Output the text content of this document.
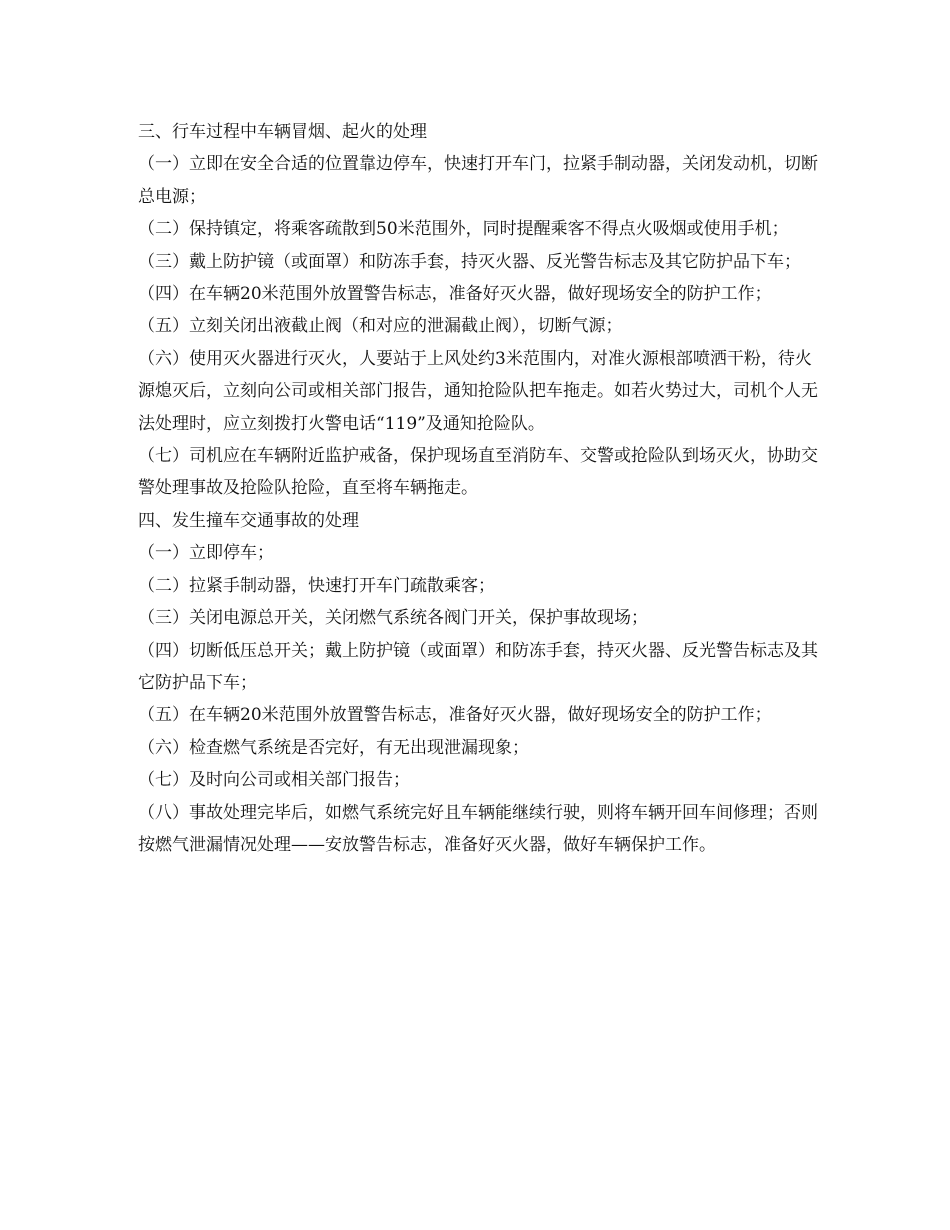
三、行车过程中车辆冒烟、起火的处理

（一）立即在安全合适的位置靠边停车，快速打开车门，拉紧手制动器，关闭发动机，切断总电源；

（二）保持镇定，将乘客疏散到50米范围外，同时提醒乘客不得点火吸烟或使用手机；

（三）戴上防护镜（或面罩）和防冻手套，持灭火器、反光警告标志及其它防护品下车；

（四）在车辆20米范围外放置警告标志，准备好灭火器，做好现场安全的防护工作；

（五）立刻关闭出液截止阀（和对应的泄漏截止阀），切断气源；

（六）使用灭火器进行灭火，人要站于上风处约3米范围内，对准火源根部喷洒干粉，待火源熄灭后，立刻向公司或相关部门报告，通知抢险队把车拖走。如若火势过大，司机个人无法处理时，应立刻拨打火警电话“119”及通知抢险队。

（七）司机应在车辆附近监护戒备，保护现场直至消防车、交警或抢险队到场灭火，协助交警处理事故及抢险队抢险，直至将车辆拖走。

四、发生撞车交通事故的处理

（一）立即停车；

（二）拉紧手制动器，快速打开车门疏散乘客；

（三）关闭电源总开关，关闭燃气系统各阀门开关，保护事故现场；

（四）切断低压总开关；戴上防护镜（或面罩）和防冻手套，持灭火器、反光警告标志及其它防护品下车；

（五）在车辆20米范围外放置警告标志，准备好灭火器，做好现场安全的防护工作；

（六）检查燃气系统是否完好，有无出现泄漏现象；

（七）及时向公司或相关部门报告；

（八）事故处理完毕后，如燃气系统完好且车辆能继续行驶，则将车辆开回车间修理；否则按燃气泄漏情况处理——安放警告标志，准备好灭火器，做好车辆保护工作。
